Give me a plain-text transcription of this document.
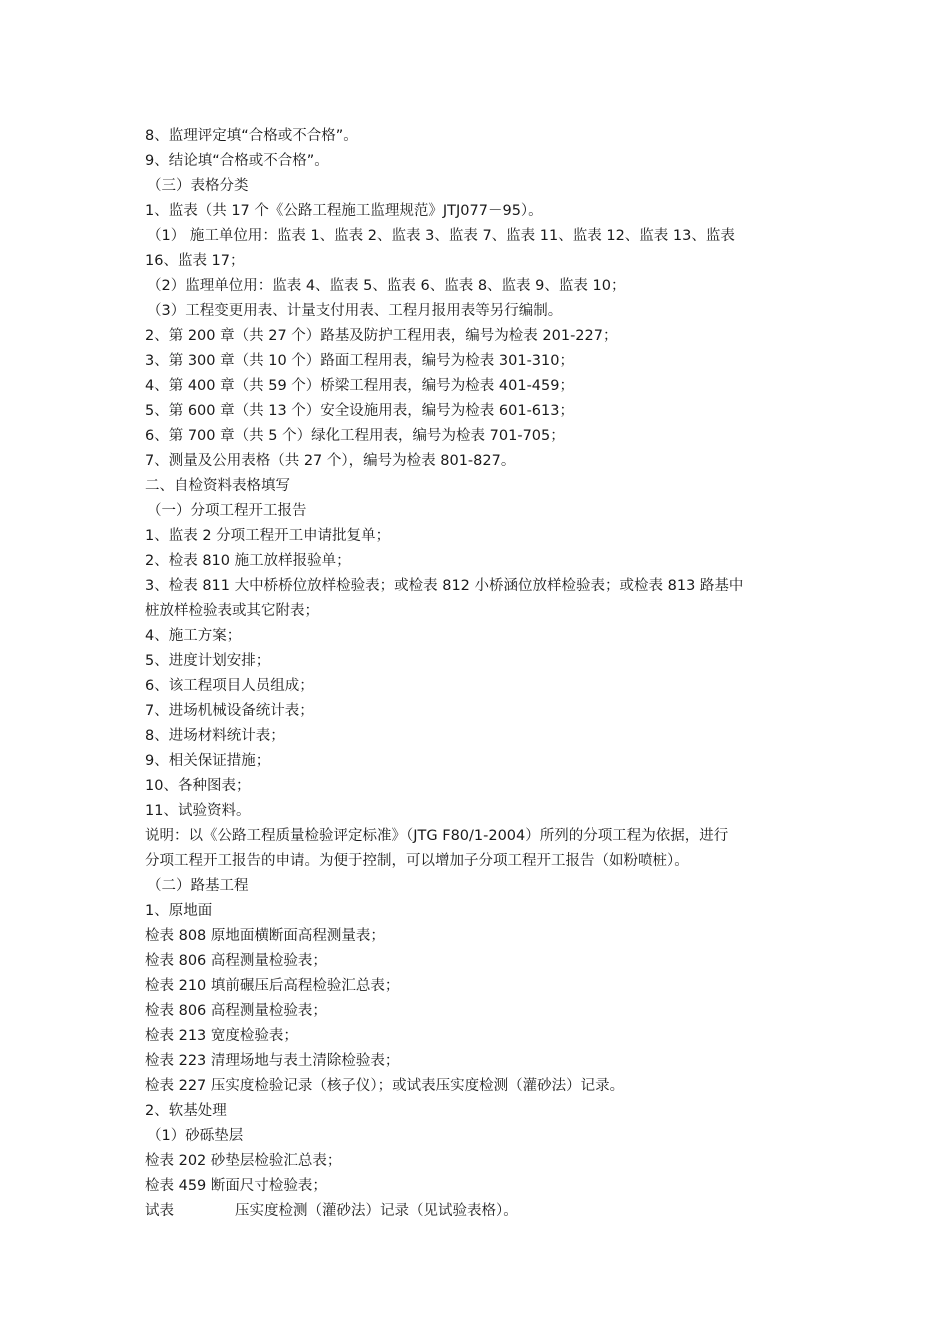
8、监理评定填“合格或不合格”。
9、结论填“合格或不合格”。
（三）表格分类
1、监表（共 17 个《公路工程施工监理规范》JTJ077－95）。
（1） 施工单位用：监表 1、监表 2、监表 3、监表 7、监表 11、监表 12、监表 13、监表
16、监表 17；
（2）监理单位用：监表 4、监表 5、监表 6、监表 8、监表 9、监表 10；
（3）工程变更用表、计量支付用表、工程月报用表等另行编制。
2、第 200 章（共 27 个）路基及防护工程用表，编号为检表 201-227；
3、第 300 章（共 10 个）路面工程用表，编号为检表 301-310；
4、第 400 章（共 59 个）桥梁工程用表，编号为检表 401-459；
5、第 600 章（共 13 个）安全设施用表，编号为检表 601-613；
6、第 700 章（共 5 个）绿化工程用表，编号为检表 701-705；
7、测量及公用表格（共 27 个），编号为检表 801-827。
二、自检资料表格填写
（一）分项工程开工报告
1、监表 2 分项工程开工申请批复单；
2、检表 810 施工放样报验单；
3、检表 811 大中桥桥位放样检验表；或检表 812 小桥涵位放样检验表；或检表 813 路基中
桩放样检验表或其它附表；
4、施工方案；
5、进度计划安排；
6、该工程项目人员组成；
7、进场机械设备统计表；
8、进场材料统计表；
9、相关保证措施；
10、各种图表；
11、试验资料。
说明：以《公路工程质量检验评定标准》（JTG F80/1-2004）所列的分项工程为依据，进行
分项工程开工报告的申请。为便于控制，可以增加子分项工程开工报告（如粉喷桩）。
（二）路基工程
1、原地面
检表 808 原地面横断面高程测量表；
检表 806 高程测量检验表；
检表 210 填前碾压后高程检验汇总表；
检表 806 高程测量检验表；
检表 213 宽度检验表；
检表 223 清理场地与表土清除检验表；
检表 227 压实度检验记录（核子仪）；或试表压实度检测（灌砂法）记录。
2、软基处理
（1）砂砾垫层
检表 202 砂垫层检验汇总表；
检表 459 断面尺寸检验表；
试表	压实度检测（灌砂法）记录（见试验表格）。
